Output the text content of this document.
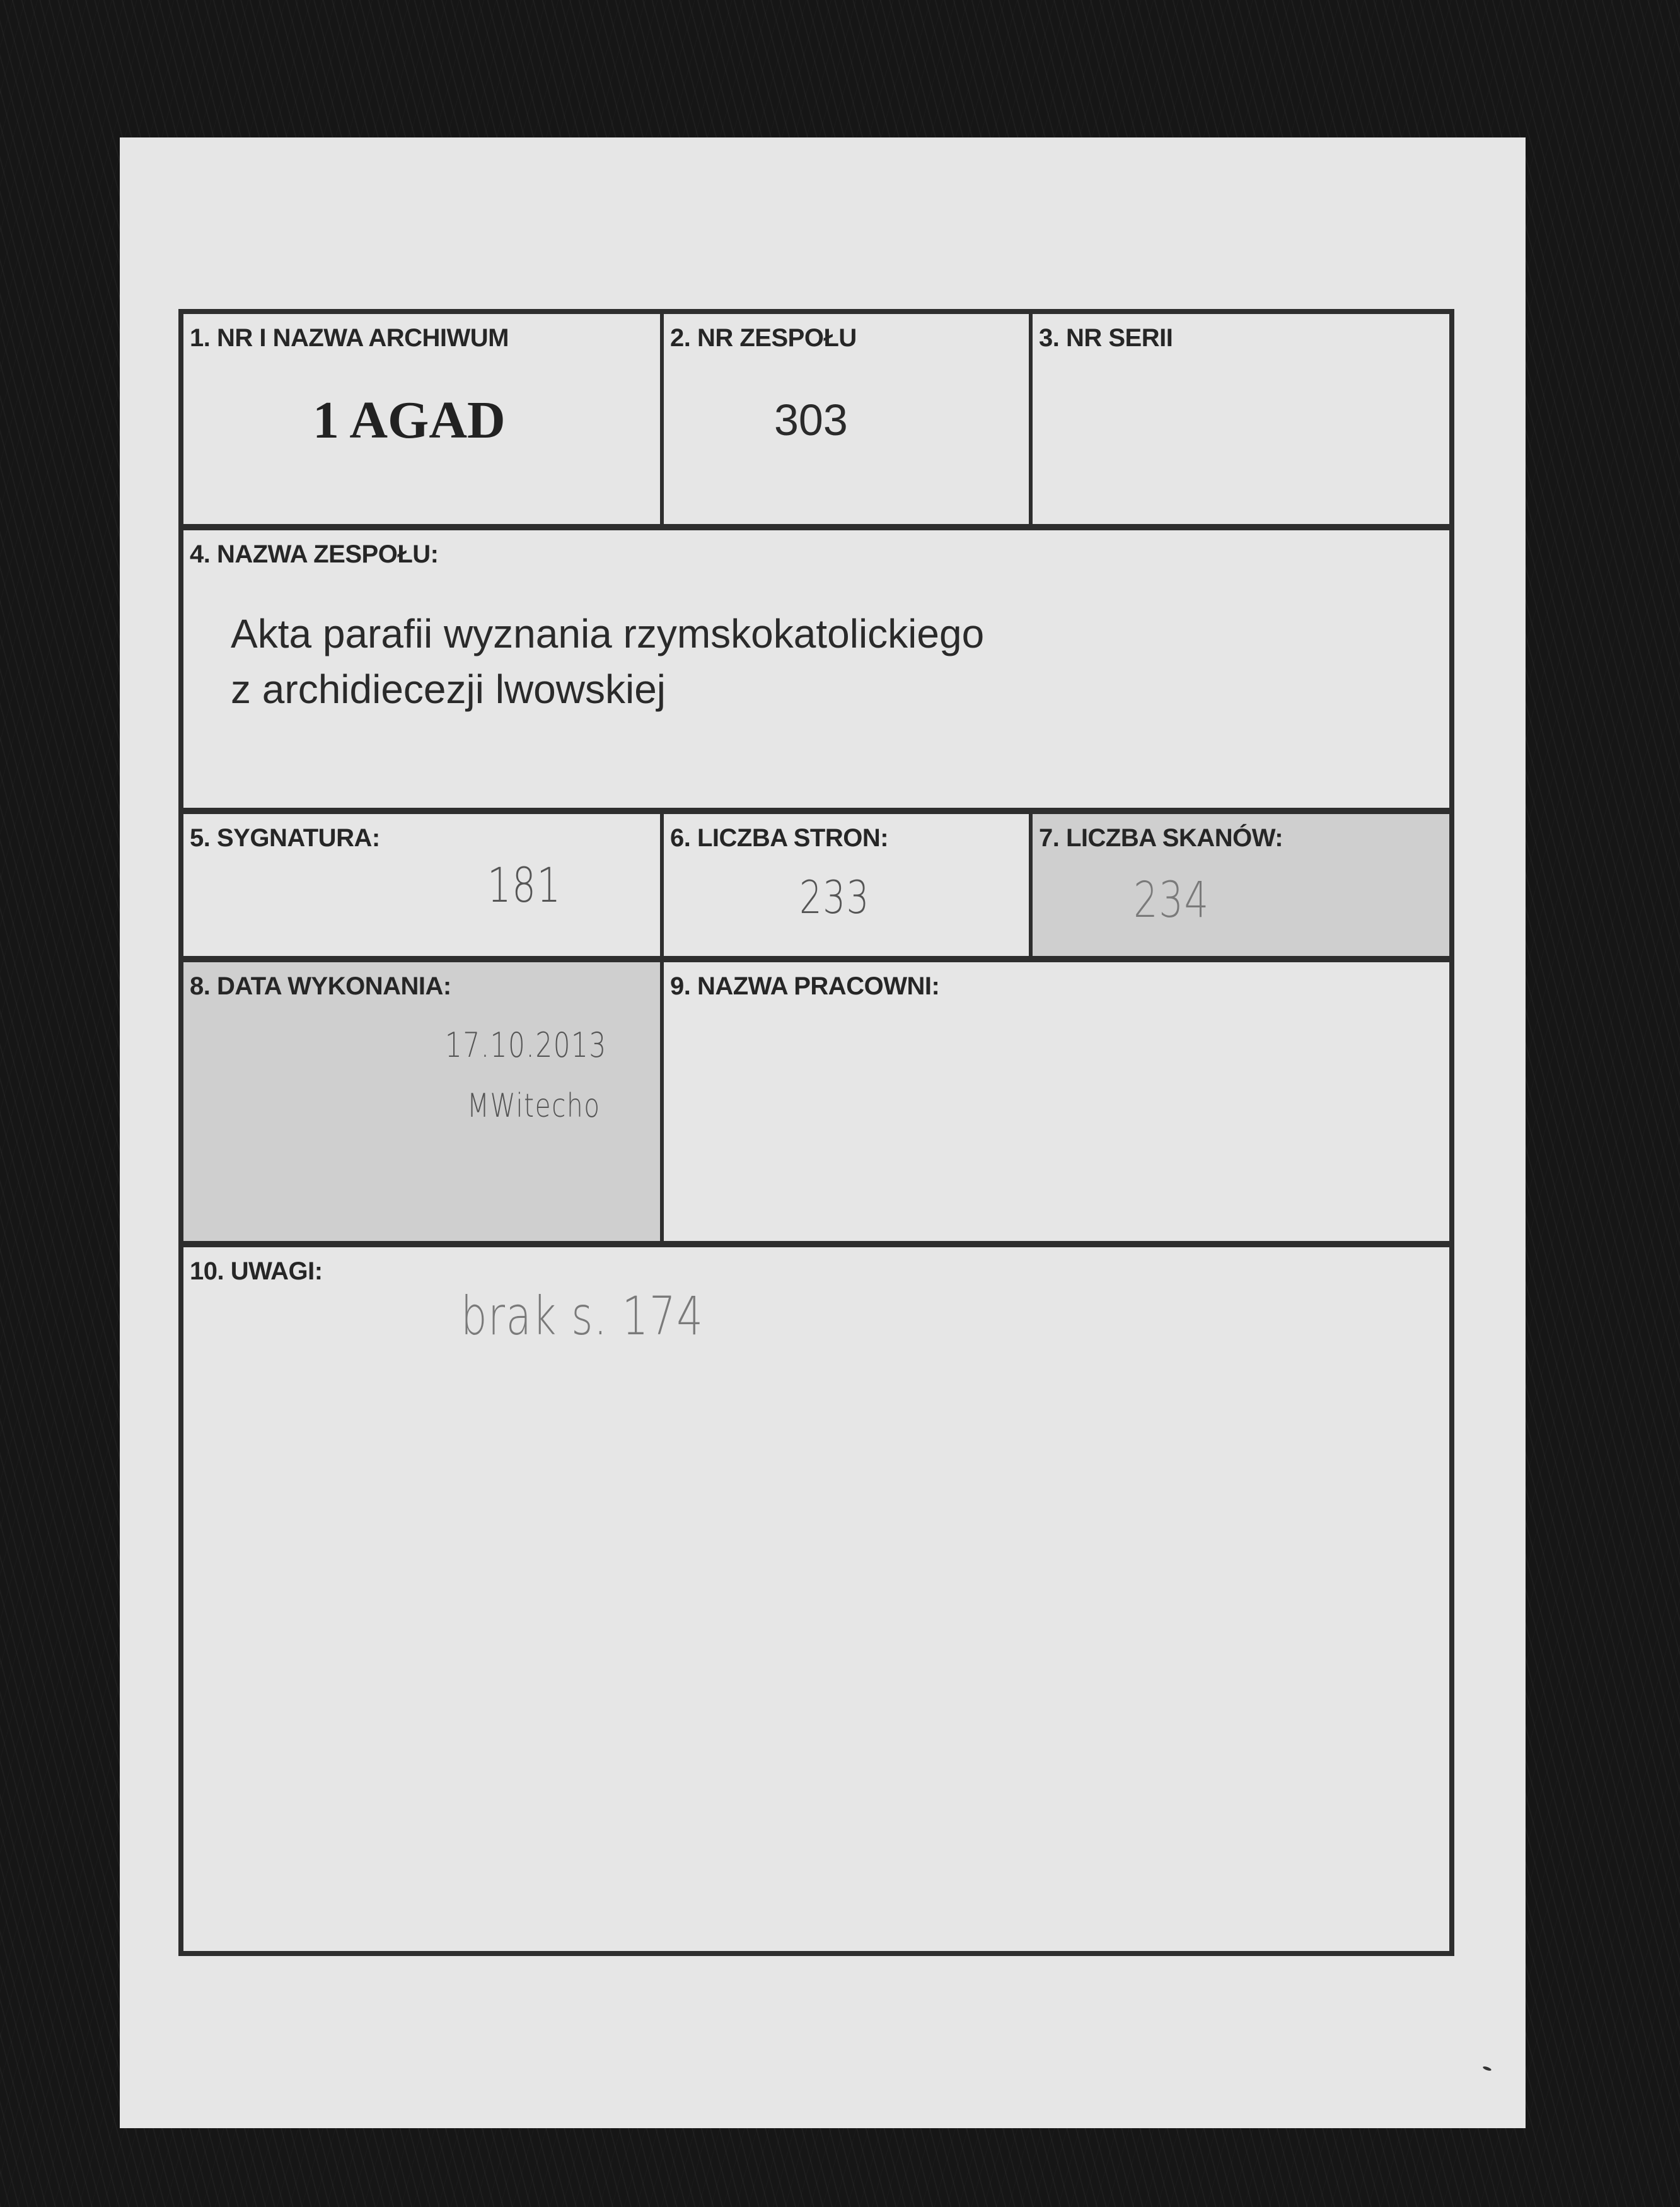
1. NR I NAZWA ARCHIWUM
1 AGAD
2. NR ZESPOŁU
303
3. NR SERII
4. NAZWA ZESPOŁU:
Akta parafii wyznania rzymskokatolickiego
z archidiecezji lwowskiej
5. SYGNATURA:
181
6. LICZBA STRON:
233
7. LICZBA SKANÓW:
234
8. DATA WYKONANIA:
17.10.2013
MWitecho
9. NAZWA PRACOWNI:
10. UWAGI:
brak s. 174
